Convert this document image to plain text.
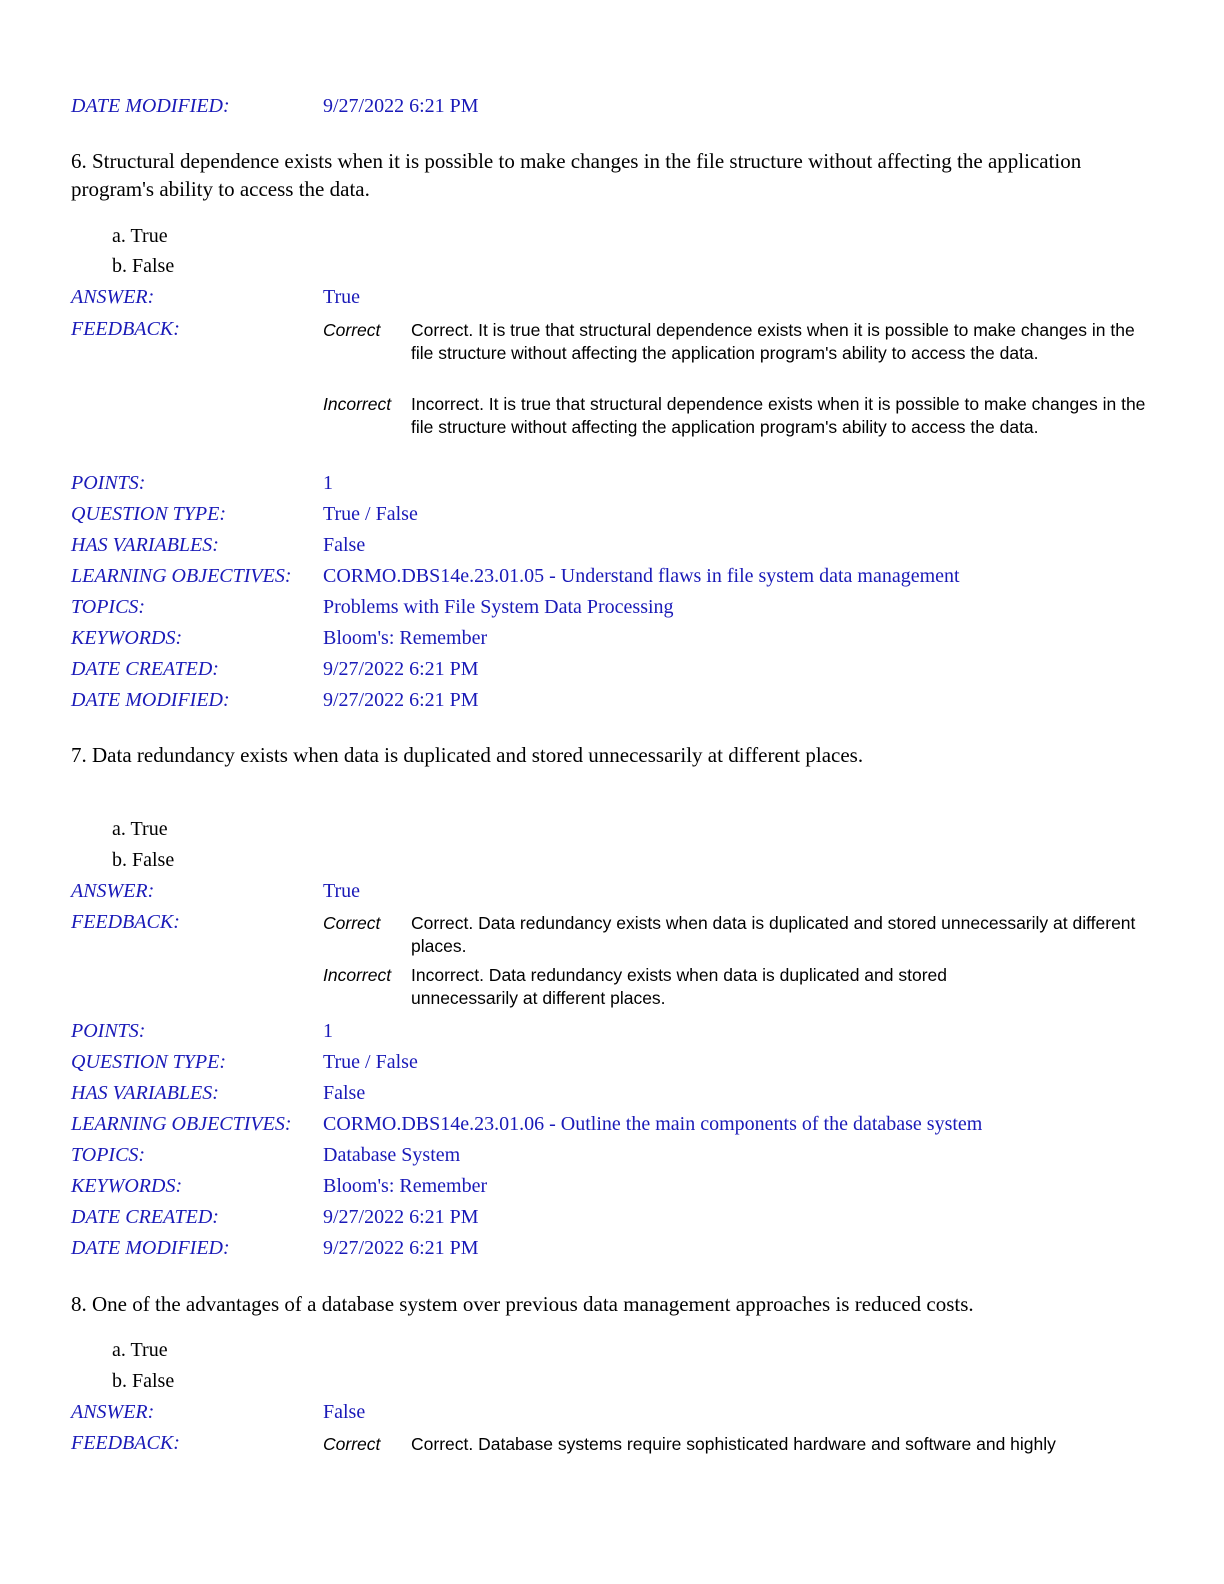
DATE MODIFIED:	9/27/2022 6:21 PM
6. Structural dependence exists when it is possible to make changes in the file structure without affecting the application program's ability to access the data.
a. True
b. False
ANSWER:	True
FEEDBACK:	Correct Correct. It is true that structural dependence exists when it is possible to make changes in the file structure without affecting the application program's ability to access the data.
Incorrect Incorrect. It is true that structural dependence exists when it is possible to make changes in the file structure without affecting the application program's ability to access the data.
POINTS:	1
QUESTION TYPE:	True / False
HAS VARIABLES:	False
LEARNING OBJECTIVES: CORMO.DBS14e.23.01.05 - Understand flaws in file system data management
TOPICS:	Problems with File System Data Processing
KEYWORDS:	Bloom's: Remember
DATE CREATED:	9/27/2022 6:21 PM
DATE MODIFIED:	9/27/2022 6:21 PM
7. Data redundancy exists when data is duplicated and stored unnecessarily at different places.
a. True
b. False
ANSWER:	True
FEEDBACK:	Correct Correct. Data redundancy exists when data is duplicated and stored unnecessarily at different places.
Incorrect Incorrect. Data redundancy exists when data is duplicated and stored unnecessarily at different places.
POINTS:	1
QUESTION TYPE:	True / False
HAS VARIABLES:	False
LEARNING OBJECTIVES: CORMO.DBS14e.23.01.06 - Outline the main components of the database system
TOPICS:	Database System
KEYWORDS:	Bloom's: Remember
DATE CREATED:	9/27/2022 6:21 PM
DATE MODIFIED:	9/27/2022 6:21 PM
8. One of the advantages of a database system over previous data management approaches is reduced costs.
a. True
b. False
ANSWER:	False
FEEDBACK:	Correct Correct. Database systems require sophisticated hardware and software and highly
